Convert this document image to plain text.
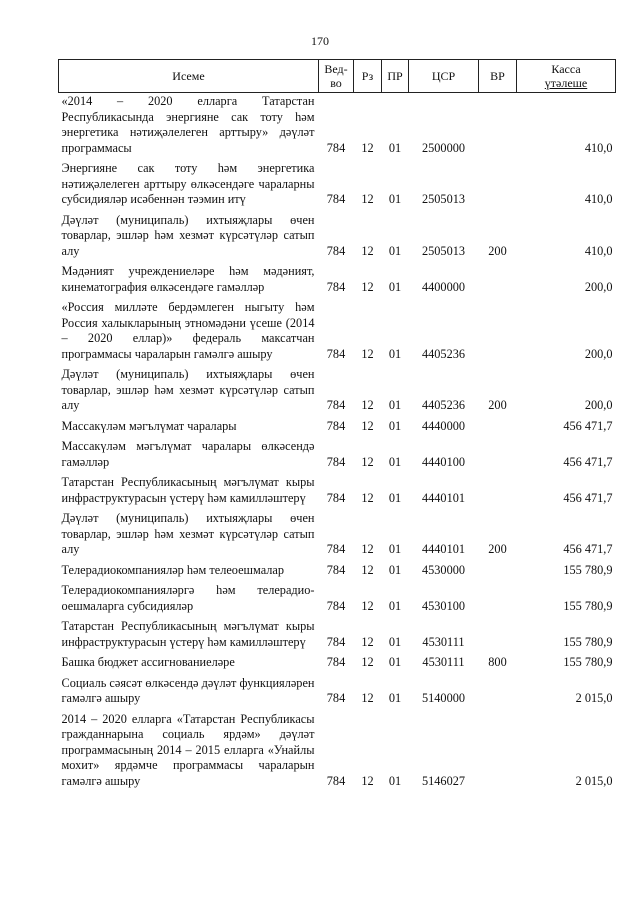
170
Исеме	Вед-во	Рз	ПР	ЦСР	ВР	Касса
үтәлеше
«2014 – 2020 елларга Татарстан Республикасында энергияне сак тоту һәм энергетика нәтиҗәлелеген арттыру» дәүләт программасы	784	12	01	2500000		410,0
Энергияне сак тоту һәм энергетика нәтиҗәлелеген арттыру өлкәсендәге чараларны субсидияләр исәбеннән тәэмин итү	784	12	01	2505013		410,0
Дәүләт (муниципаль) ихтыяҗлары өчен товарлар, эшләр һәм хезмәт күрсәтүләр сатып алу	784	12	01	2505013	200	410,0
Мәдәният учреждениеләре һәм мәдәният, кинематография өлкәсендәге гамәлләр	784	12	01	4400000		200,0
«Россия милләте бердәмлеген ныгыту һәм Россия халыкларының этномәдәни үсеше (2014 – 2020 еллар)» федераль максатчан программасы чараларын гамәлгә ашыру	784	12	01	4405236		200,0
Дәүләт (муниципаль) ихтыяҗлары өчен товарлар, эшләр һәм хезмәт күрсәтүләр сатып алу	784	12	01	4405236	200	200,0
Массакүләм мәгълүмат чаралары	784	12	01	4440000		456 471,7
Массакүләм мәгълүмат чаралары өлкәсендә гамәлләр	784	12	01	4440100		456 471,7
Татарстан Республикасының мәгълүмат кыры инфраструктурасын үстерү һәм камилләштерү	784	12	01	4440101		456 471,7
Дәүләт (муниципаль) ихтыяҗлары өчен товарлар, эшләр һәм хезмәт күрсәтүләр сатып алу	784	12	01	4440101	200	456 471,7
Телерадиокомпанияләр һәм телеоешмалар	784	12	01	4530000		155 780,9
Телерадиокомпанияләргә һәм телерадио-оешмаларга субсидияләр	784	12	01	4530100		155 780,9
Татарстан Республикасының мәгълүмат кыры инфраструктурасын үстерү һәм камилләштерү	784	12	01	4530111		155 780,9
Башка бюджет ассигнованиеләре	784	12	01	4530111	800	155 780,9
Социаль сәясәт өлкәсендә дәүләт функцияләрен гамәлгә ашыру	784	12	01	5140000		2 015,0
2014 – 2020 елларга «Татарстан Республикасы гражданнарына социаль ярдәм» дәүләт программасының 2014 – 2015 елларга «Унайлы мохит» ярдәмче программасы чараларын гамәлгә ашыру	784	12	01	5146027		2 015,0
